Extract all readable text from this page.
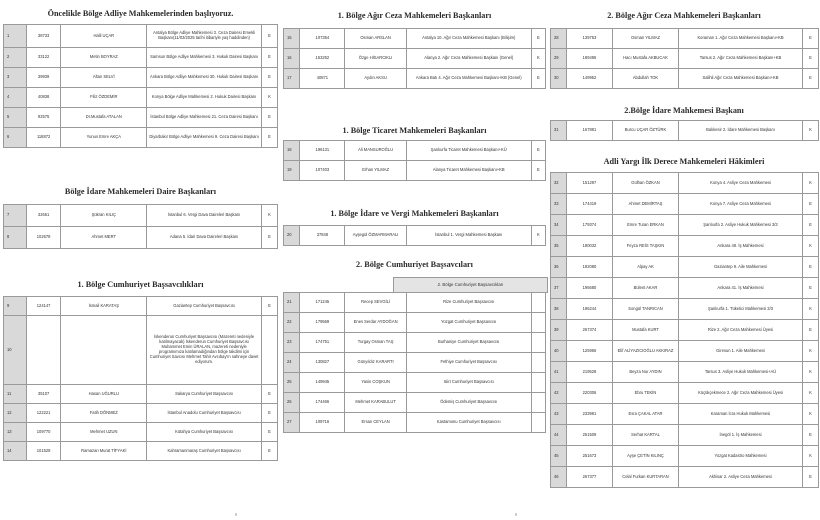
Öncelikle Bölge Adliye Mahkemelerinden başlıyoruz.
1	38733	Halil UÇAR	Antalya Bölge Adliye Mahkemesi 3. Ceza Dairesi Emekli Başkanı(11/03/2025 tarihi itibariyle yaş haddinden)	E
2	33122	Metin BOYRAZ	Samsun Bölge Adliye Mahkemesi 3. Hukuk Dairesi Başkanı	E
3	39939	Altan SELVİ	Ankara Bölge Adliye Mahkemesi 30. Hukuk Dairesi Başkanı	E
4	40838	Filiz ÖZDEMİR	Konya Bölge Adliye Mahkemesi 2. Hukuk Dairesi Başkanı	K
5	92575	Dr.Mustafa ATALAN	İstanbul Bölge Adliye Mahkemesi 21. Ceza Dairesi Başkanı	E
6	118872	Yunus Emre AKÇA	Diyarbakır Bölge Adliye Mahkemesi 9. Ceza Dairesi Başkanı	E
Bölge İdare Mahkemeleri Daire Başkanları
7	32661	Şükran KILIÇ	İstanbul 6. Vergi Dava Daireleri Başkanı	K
8	102678	Ahmet MERT	Adana 5. İdari Dava Daireleri Başkanı	E
1. Bölge Cumhuriyet Başsavcılıkları
9	124147	İsmail KARATAŞ	Gaziantep Cumhuriyet Başsavcısı	E
10			İskenderun Cumhuriyet Başsavcısı (Mazereti nedeniyle katılmayacak) İskenderun Cumhuriyet Başsavcısı Muhammet Emin ÜRALAN, mazereti nedeniyle programımıza katılamadığından bölge takdimi için Cumhuriyet Savcısı Mehmet Tahir Avcıbay'ın sahneye davet ediyorum.	
11	35107	Hasan UĞURLU	Sakarya Cumhuriyet Başsavcısı	E
12	122221	Fatih DÖNMEZ	İstanbul Anadolu Cumhuriyet Başsavcısı	E
13	109770	Mehmet UZUN	Kütahya Cumhuriyet Başsavcısı	E
14	101528	Ramazan Murat TİFYAKİ	Kahramanmaraş Cumhuriyet Başsavcısı	E
1. Bölge Ağır Ceza Mahkemeleri Başkanları
15	107354	Osman ARSLAN	Antalya 10. Ağır Ceza Mahkemesi Başkanı (Bilişim)	E
16	153252	Özge HİSARCIKLI	Alanya 2. Ağır Ceza Mahkemesi Başkanı (Genel)	K
17	40871	Aydın AKSU	Ankara Batı 4. Ağır Ceza Mahkemesi Başkanı+KB (Genel)	E
1. Bölge Ticaret Mahkemeleri Başkanları
18	196131	Ali MANSUROĞLU	Şanlıurfa Ticaret Mahkemesi Başkanı+KÜ	E
19	107403	Erhan YILMAZ	Alanya Ticaret Mahkemesi Başkanı+KB	E
1. Bölge İdare ve Vergi Mahkemeleri Başkanları
20	37848	Ayşegül ÖZMARMARALI	İstanbul 1. Vergi Mahkemesi Başkanı	K
2. Bölge Cumhuriyet Başsavcıları
2. Bölge Cumhuriyet Başsavcıkları
21	171245	Recep SEVGİLİ	Rize Cumhuriyet Başsavcısı	
22	179569	Enes Serdar AYDOĞAN	Yozgat Cumhuriyet Başsavcısı	
23	174751	Turgay Osman TAŞ	Burhaniye Cumhuriyet Başsavcısı	
24	130827	Günyıldız KARARTI	Fethiye Cumhuriyet Başsavcısı	
25	149945	Yasin COŞKUN	Siirt Cumhuriyet Başsavcısı	
26	174466	Mehmet KARABULUT	Ödemiş Cumhuriyet Başsavcısı	
27	109716	Ersan CEYLAN	Kastamonu Cumhuriyet Başsavcısı	
2. Bölge Ağır Ceza Mahkemeleri Başkanları
28	139753	Osman YILMAZ	Koraman 1. Ağır Ceza Mahkemesi Başkanı+KB	E
29	189495	Hacı Mustafa AKBUCAK	Tarsus 2. Ağır Ceza Mahkemesi Başkanı+KB	E
30	149952	Abdullah TOK	Salihli Ağır Ceza Mahkemesi Başkanı+KB	E
2.Bölge İdare Mahkemesi Başkanı
31	167881	Burcu UÇAR ÖZTÜRK	Balıkesir 2. İdare Mahkemesi Başkanı	K
Adli Yargı İlk Derece Mahkemeleri Hâkimleri
32	151297	Gülhan ÖZKAN	Konya 4. Asliye Ceza Mahkemesi	K
33	174419	Ahmet DEMİRTAŞ	Konya 7. Asliye Ceza Mahkemesi	E
34	179374	Emre Turan ERKAN	Şanlıurfa 2. Asliye Hukuk Mahkemesi 3/3	E
35	190032	Feyza REİS TAŞKIN	Ankara 48. İş Mahkemesi	K
36	192080	Alpay AK	Gaziantep 9. Aile Mahkemesi	E
37	195680	Bülent AKAR	Ankara 41. İş Mahkemesi	E
38	196244	Songül TANRICAN	Şanlıurfa 1. Tüketici Mahkemesi 3/3	K
39	267374	Mustafa KURT	Rize 2. Ağır Ceza Mahkemesi Üyesi	E
40	125966	Elif ALİYAZICIOĞLU AKKIRAZ	Giresun 1. Aile Mahkemesi	K
41	219528	Beyza Nur AYDIN	Tarsus 3. Asliye Hukuk Mahkemesi+AÜ	K
42	220306	Ebru TEKİN	Küçükçekmece 2. Ağır Ceza Mahkemesi Üyesi	K
43	233981	Esra ÇAKAL ATAR	Karaman İcra Hukuk Mahkemesi	K
44	251509	Serhat KARTAL	İnegöl 1. İş Mahkemesi	E
45	251673	Ayşe ÇETİN KILINÇ	Yozgat Kadastro Mahkemesi	K
46	267377	Celal Furkan KURTARAN	Akhisar 2. Asliye Ceza Mahkemesi	E
